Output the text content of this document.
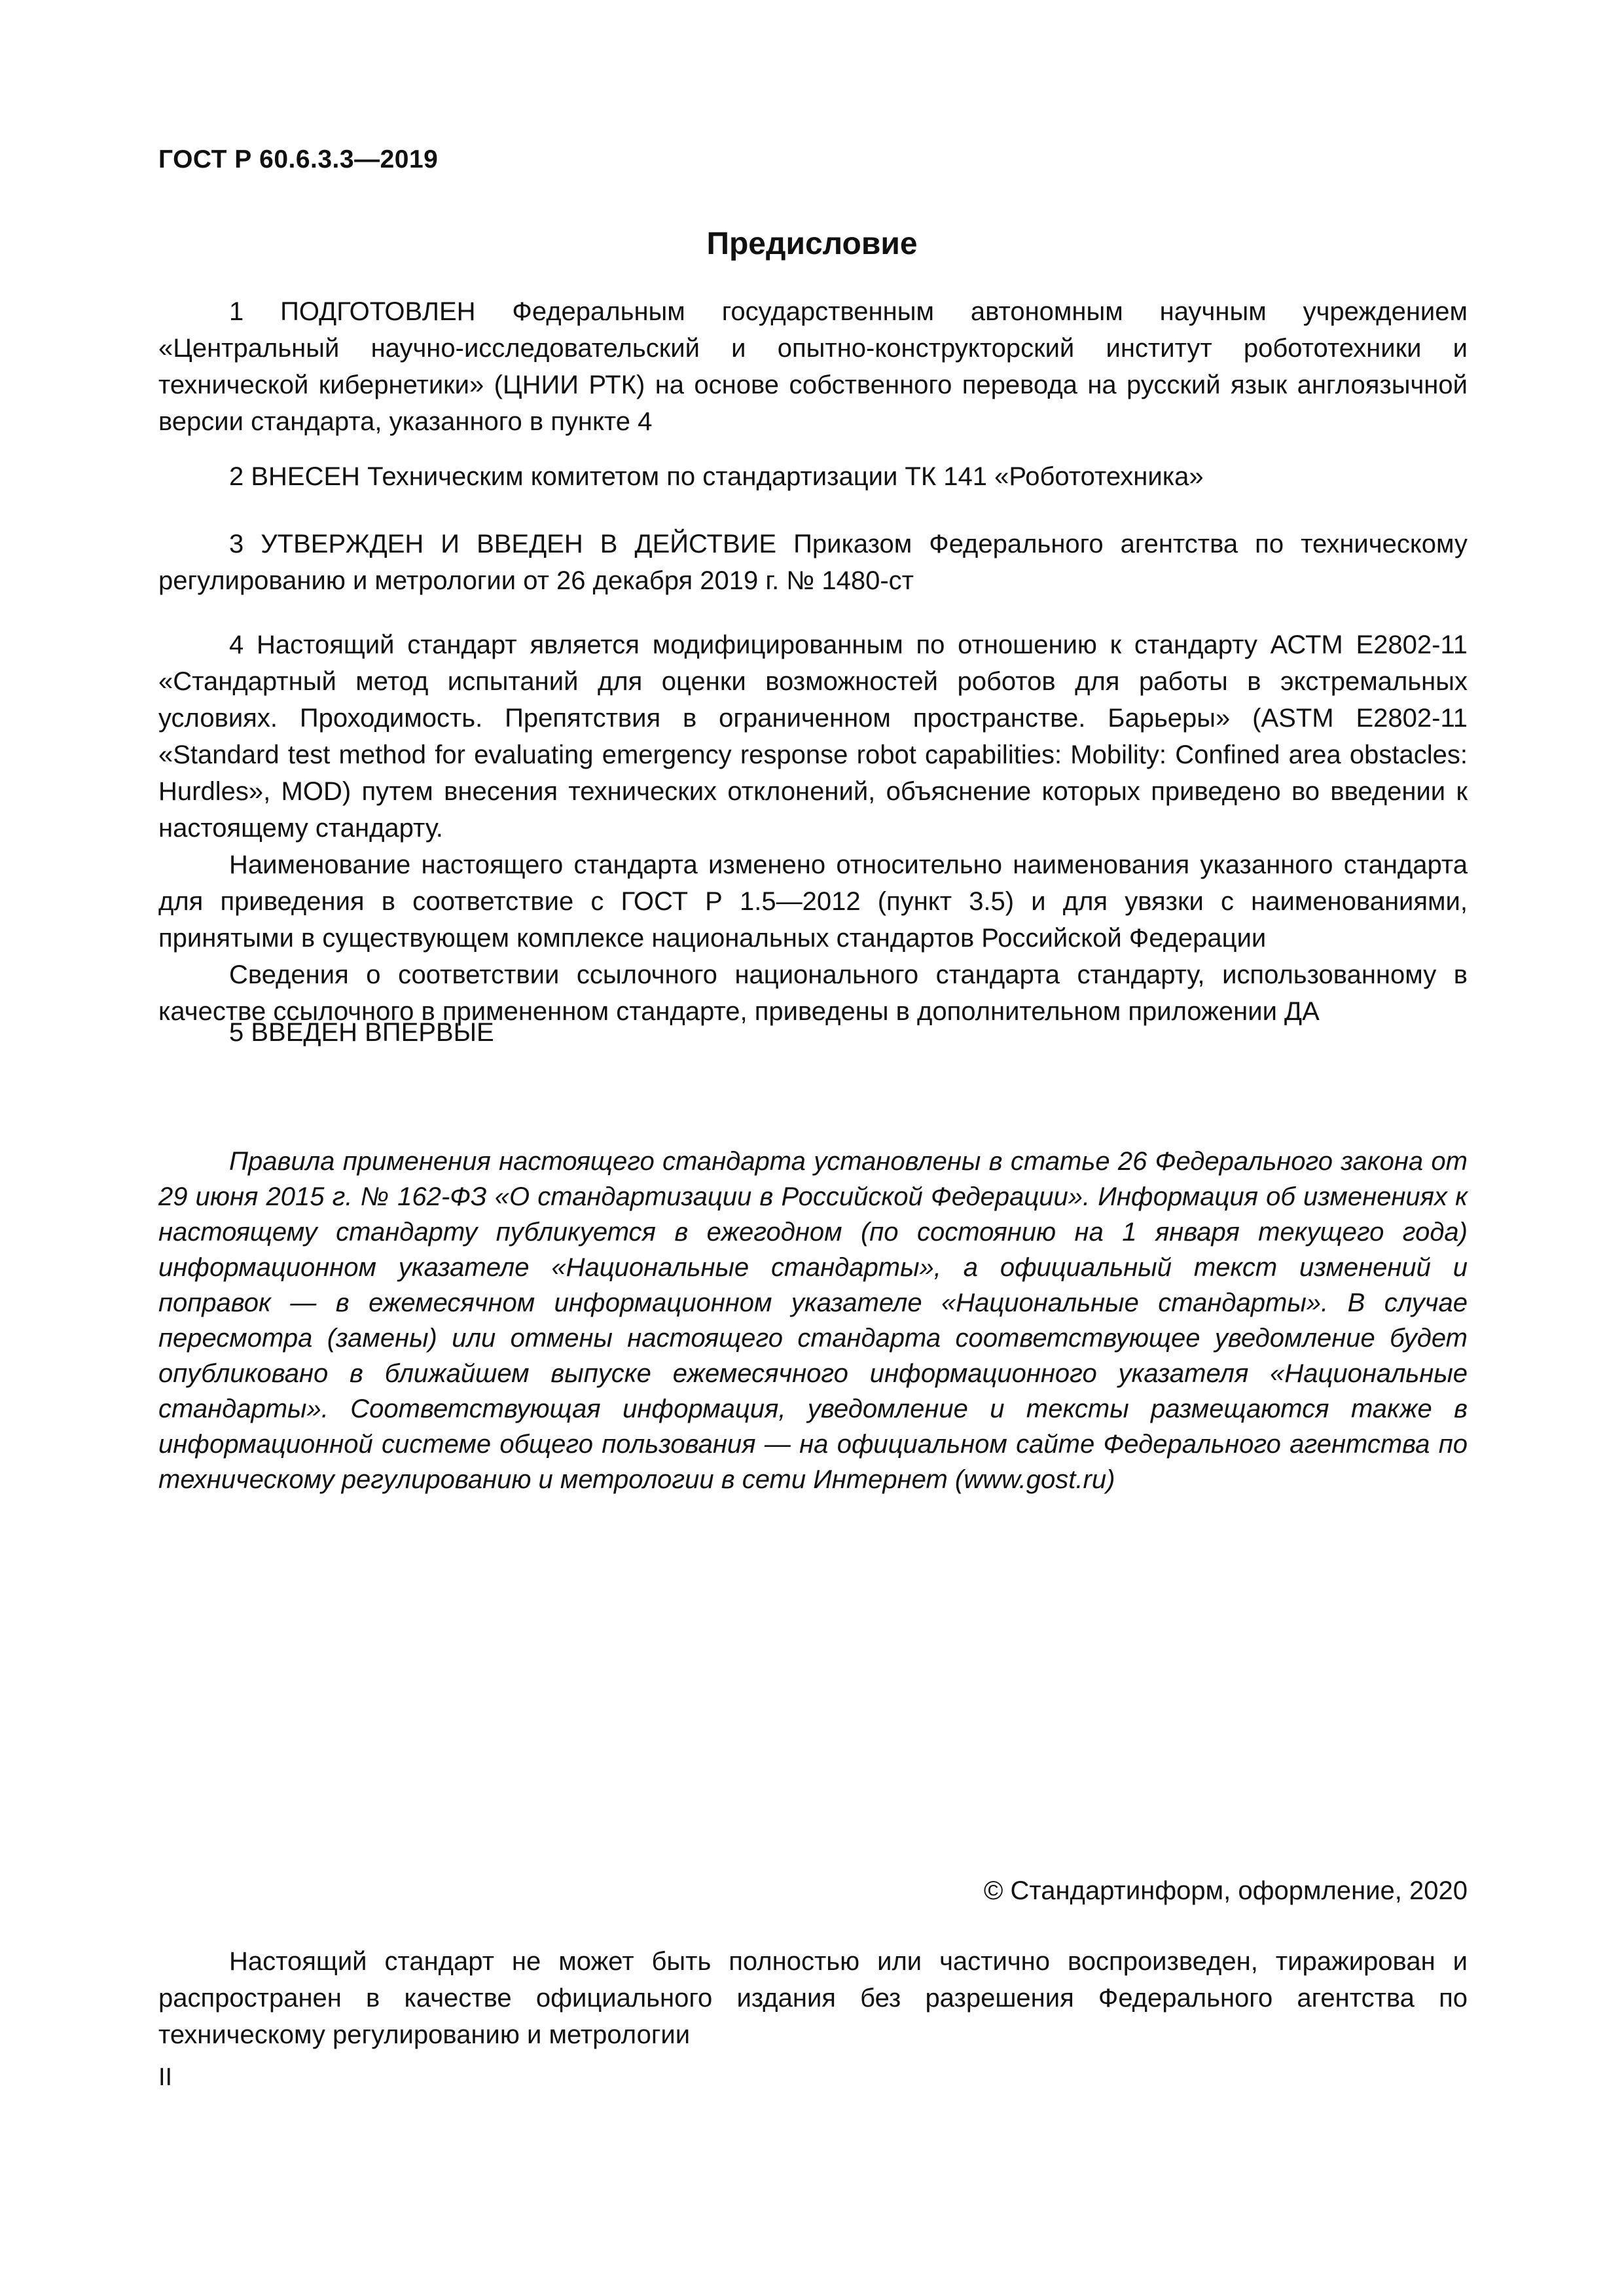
ГОСТ Р 60.6.3.3—2019
Предисловие

1 ПОДГОТОВЛЕН Федеральным государственным автономным научным учреждением «Центральный научно-исследовательский и опытно-конструкторский институт робототехники и технической кибернетики» (ЦНИИ РТК) на основе собственного перевода на русский язык англоязычной версии стандарта, указанного в пункте 4

2 ВНЕСЕН Техническим комитетом по стандартизации ТК 141 «Робототехника»

3 УТВЕРЖДЕН И ВВЕДЕН В ДЕЙСТВИЕ Приказом Федерального агентства по техническому регулированию и метрологии от 26 декабря 2019 г. № 1480-ст

4 Настоящий стандарт является модифицированным по отношению к стандарту АСТМ Е2802-11 «Стандартный метод испытаний для оценки возможностей роботов для работы в экстремальных условиях. Проходимость. Препятствия в ограниченном пространстве. Барьеры» (ASTM E2802-11 «Standard test method for evaluating emergency response robot capabilities: Mobility: Confined area obstacles: Hurdles», MOD) путем внесения технических отклонений, объяснение которых приведено во введении к настоящему стандарту.

Наименование настоящего стандарта изменено относительно наименования указанного стандарта для приведения в соответствие с ГОСТ Р 1.5—2012 (пункт 3.5) и для увязки с наименованиями, принятыми в существующем комплексе национальных стандартов Российской Федерации

Сведения о соответствии ссылочного национального стандарта стандарту, использованному в качестве ссылочного в примененном стандарте, приведены в дополнительном приложении ДА

5 ВВЕДЕН ВПЕРВЫЕ

Правила применения настоящего стандарта установлены в статье 26 Федерального закона от 29 июня 2015 г. № 162-ФЗ «О стандартизации в Российской Федерации». Информация об изменениях к настоящему стандарту публикуется в ежегодном (по состоянию на 1 января текущего года) информационном указателе «Национальные стандарты», а официальный текст изменений и поправок — в ежемесячном информационном указателе «Национальные стандарты». В случае пересмотра (замены) или отмены настоящего стандарта соответствующее уведомление будет опубликовано в ближайшем выпуске ежемесячного информационного указателя «Национальные стандарты». Соответствующая информация, уведомление и тексты размещаются также в информационной системе общего пользования — на официальном сайте Федерального агентства по техническому регулированию и метрологии в сети Интернет (www.gost.ru)

© Стандартинформ, оформление, 2020

Настоящий стандарт не может быть полностью или частично воспроизведен, тиражирован и распространен в качестве официального издания без разрешения Федерального агентства по техническому регулированию и метрологии

II
